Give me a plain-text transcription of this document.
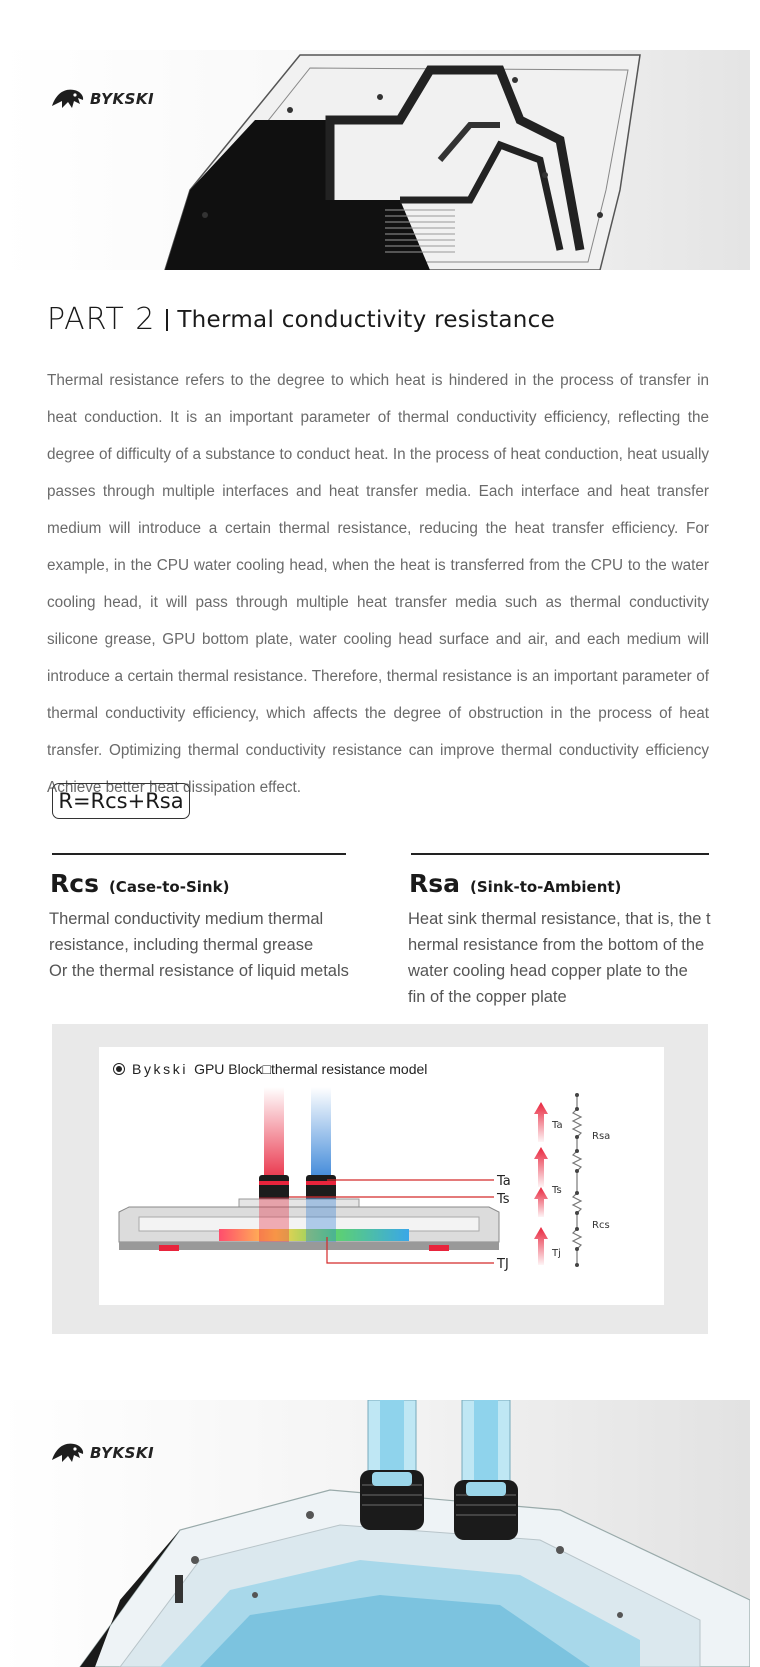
BYKSKI
PART 2 Thermal conductivity resistance

Thermal resistance refers to the degree to which heat is hindered in the process of transfer in heat conduction. It is an important parameter of thermal conductivity efficiency, reflecting the degree of difficulty of a substance to conduct heat. In the process of heat conduction, heat usually passes through multiple interfaces and heat transfer media. Each interface and heat transfer medium will introduce a certain thermal resistance, reducing the heat transfer efficiency. For example, in the CPU water cooling head, when the heat is transferred from the CPU to the water cooling head, it will pass through multiple heat transfer media such as thermal conductivity silicone grease, GPU bottom plate, water cooling head surface and air, and each medium will introduce a certain thermal resistance. Therefore, thermal resistance is an important parameter of thermal conductivity efficiency, which affects the degree of obstruction in the process of heat transfer. Optimizing thermal conductivity resistance can improve thermal conductivity efficiency Achieve better heat dissipation effect.

R=Rcs+Rsa
Rcs (Case-to-Sink)
Thermal conductivity medium thermal
resistance, including thermal grease
Or the thermal resistance of liquid metals
Rsa (Sink-to-Ambient)
Heat sink thermal resistance, that is, the t
hermal resistance from the bottom of the
water cooling head copper plate to the
fin of the copper plate
Ta
Ts
TJ
Ta
Rsa
Ts
Rcs
Tj
Bykski GPU Block□thermal resistance model
BYKSKI
